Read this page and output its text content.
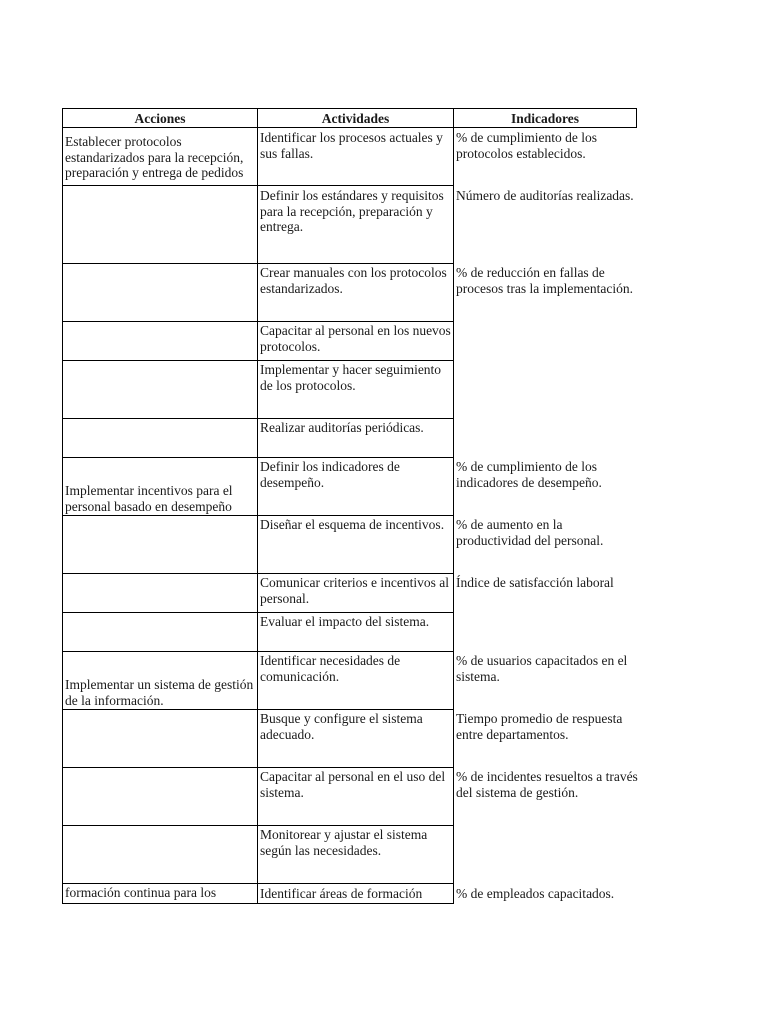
Acciones	Actividades	Indicadores
Establecer protocolos estandarizados para la recepción, preparación y entrega de pedidos
Implementar incentivos para el personal basado en desempeño
Implementar un sistema de gestión de la información.
formación continua para los
Identificar los procesos actuales y sus fallas.
Definir los estándares y requisitos para la recepción, preparación y entrega.
Crear manuales con los protocolos estandarizados.
Capacitar al personal en los nuevos protocolos.
Implementar y hacer seguimiento de los protocolos.
Realizar auditorías periódicas.
Definir los indicadores de desempeño.
Diseñar el esquema de incentivos.
Comunicar criterios e incentivos al personal.
Evaluar el impacto del sistema.
Identificar necesidades de comunicación.
Busque y configure el sistema adecuado.
Capacitar al personal en el uso del sistema.
Monitorear y ajustar el sistema según las necesidades.
Identificar áreas de formación
% de cumplimiento de los protocolos establecidos.
Número de auditorías realizadas.
% de reducción en fallas de procesos tras la implementación.
% de cumplimiento de los indicadores de desempeño.
% de aumento en la productividad del personal.
Índice de satisfacción laboral
% de usuarios capacitados en el sistema.
Tiempo promedio de respuesta entre departamentos.
% de incidentes resueltos a través del sistema de gestión.
% de empleados capacitados.
